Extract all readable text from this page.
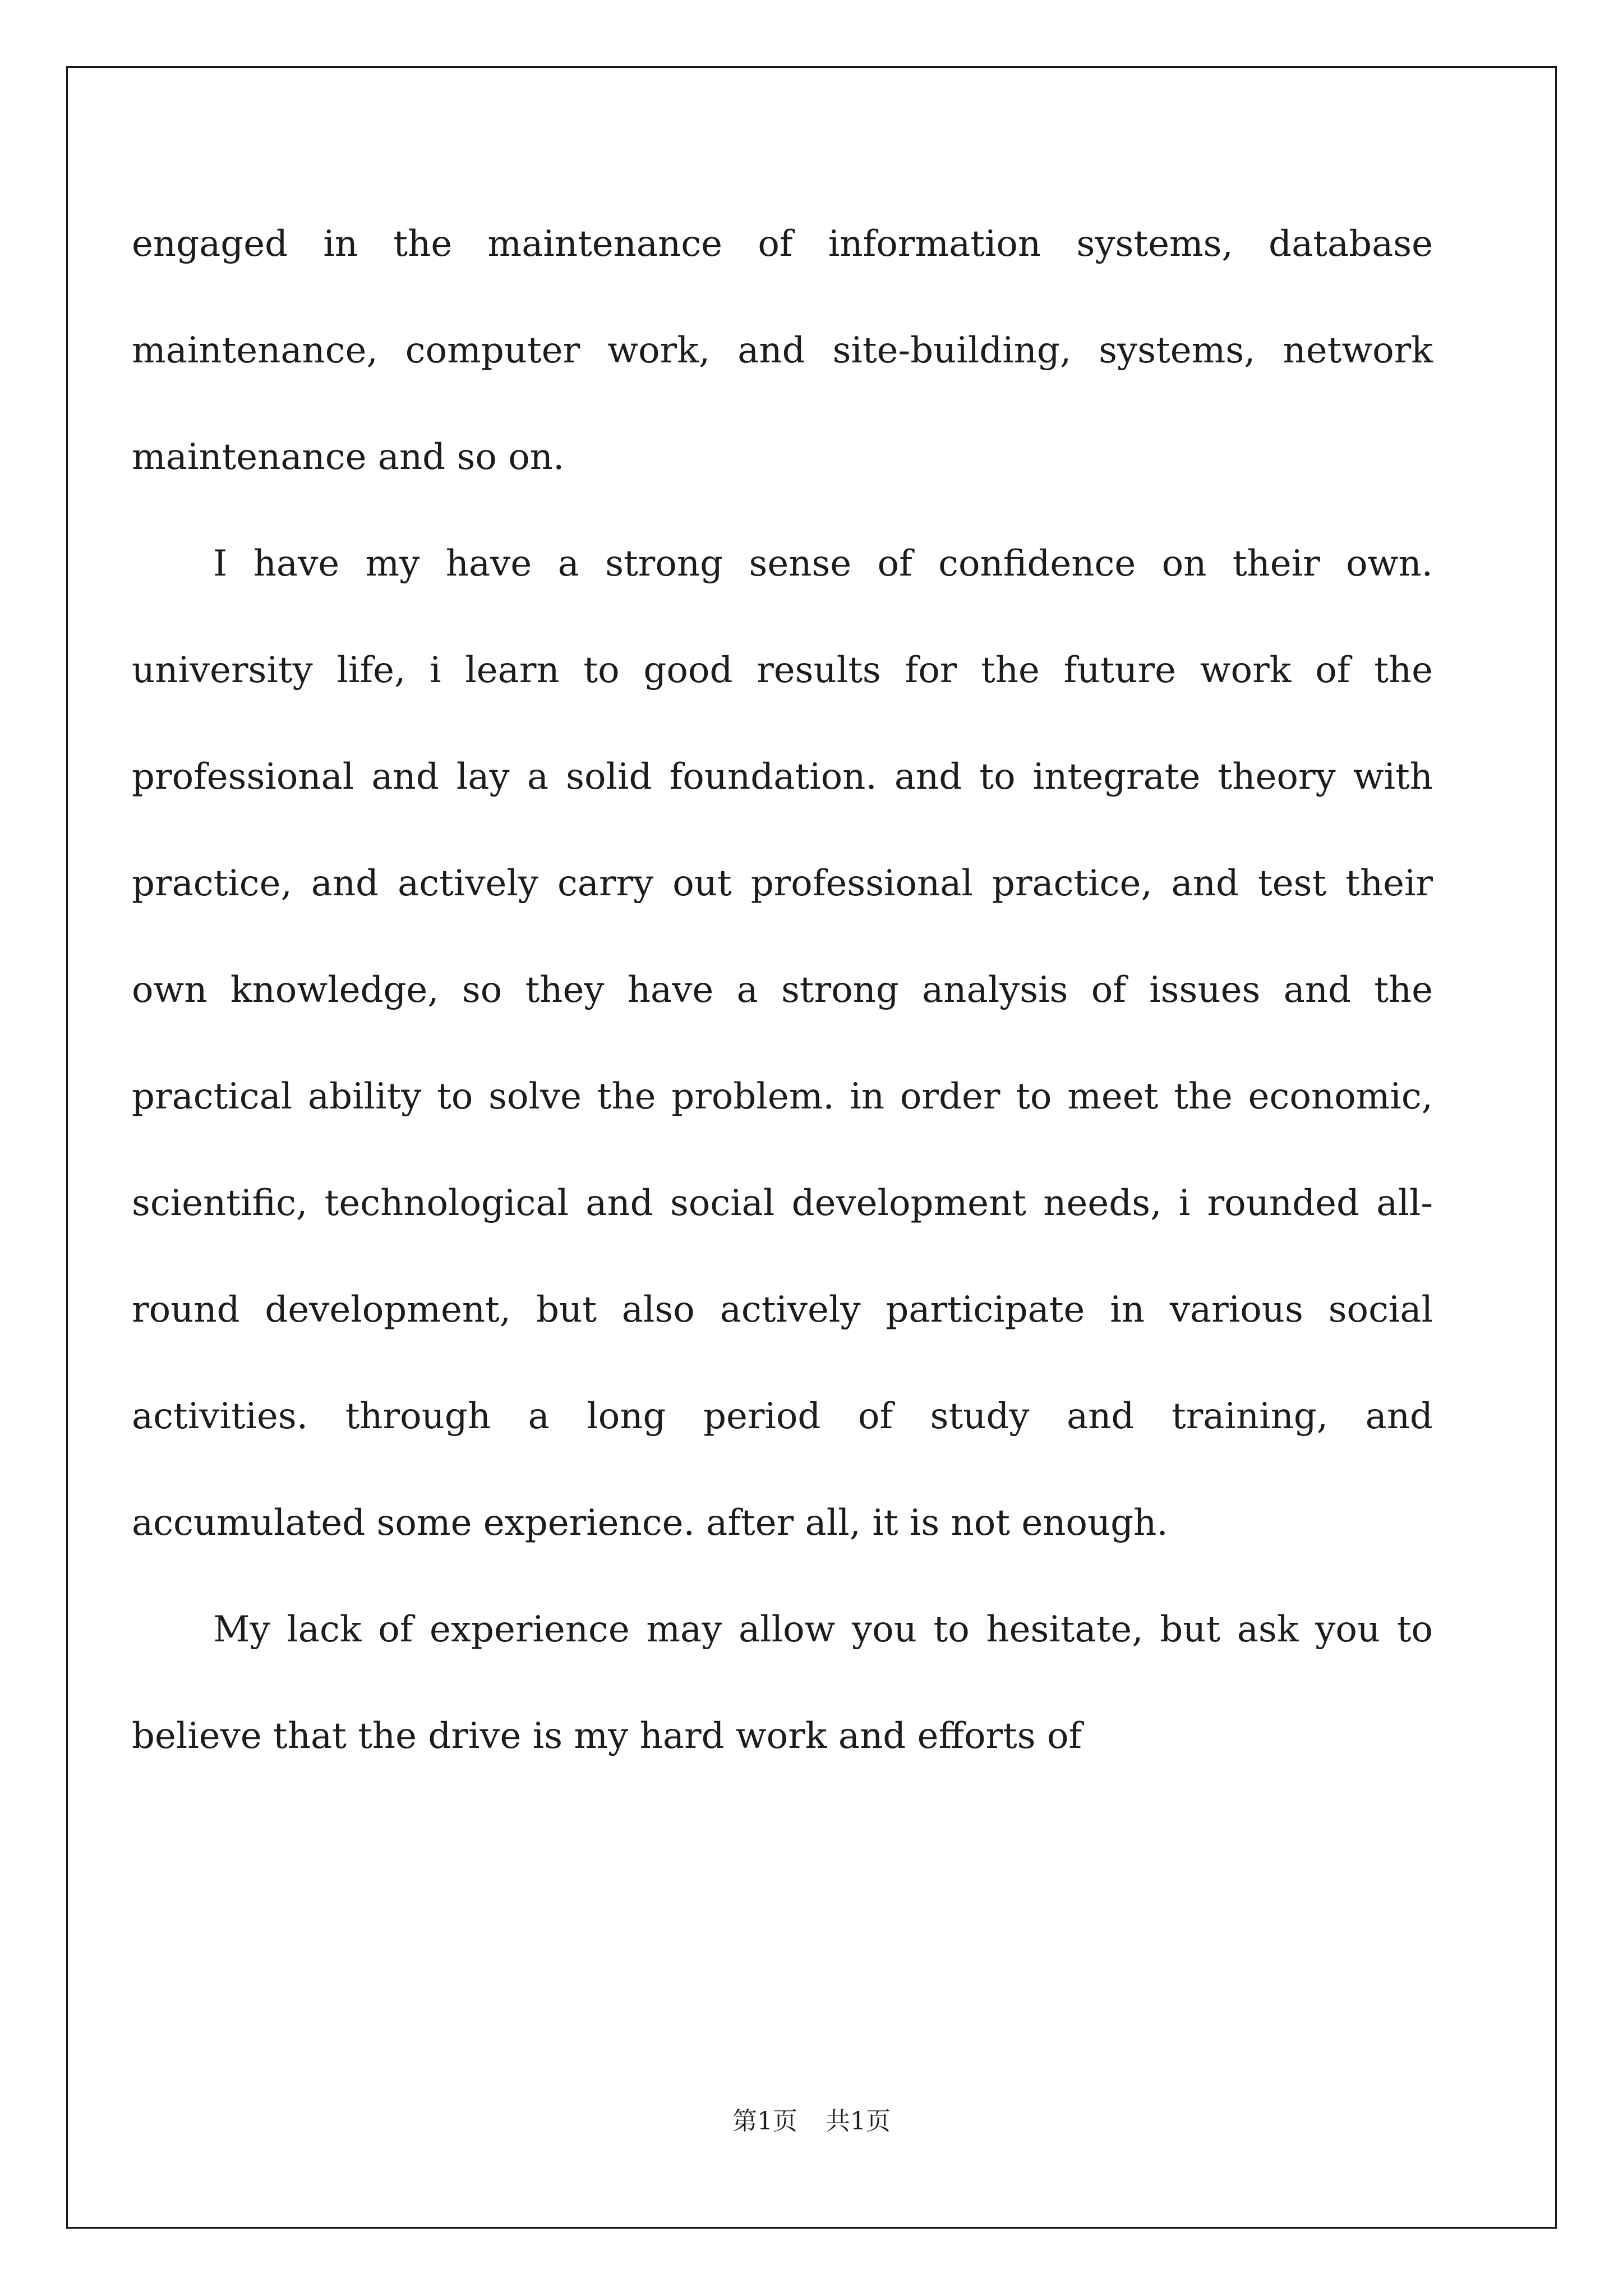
engaged in the maintenance of information systems, database maintenance, computer work, and site-building, systems, network maintenance and so on.

I have my have a strong sense of confidence on their own. university life, i learn to good results for the future work of the professional and lay a solid foundation. and to integrate theory with practice, and actively carry out professional practice, and test their own knowledge, so they have a strong analysis of issues and the practical ability to solve the problem. in order to meet the economic, scientific, technological and social development needs, i rounded all-round development, but also actively participate in various social activities. through a long period of study and training, and accumulated some experience. after all, it is not enough.

My lack of experience may allow you to hesitate, but ask you to believe that the drive is my hard work and efforts of

第1页 共1页
